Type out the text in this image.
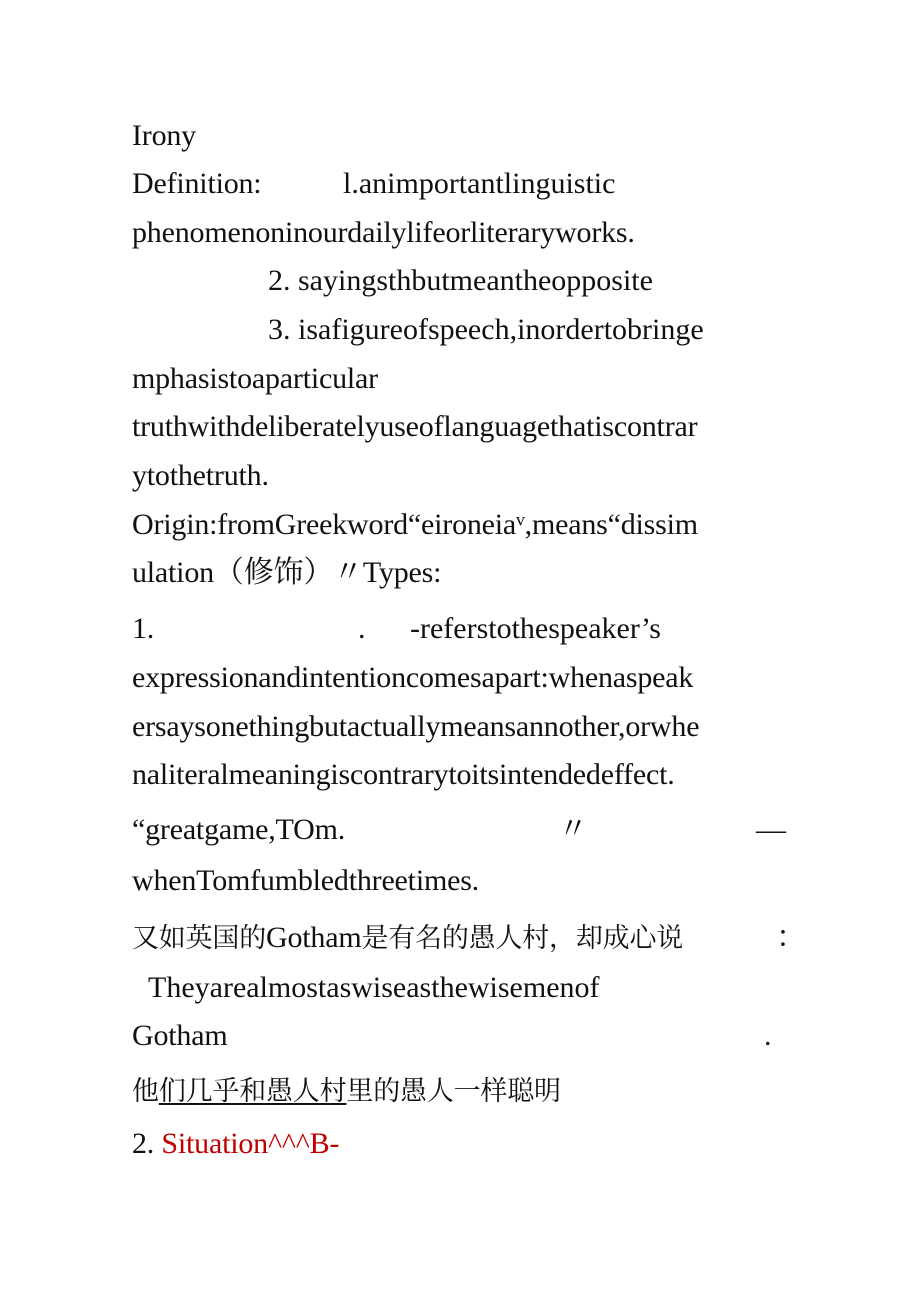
Irony
Definition:	l.animportantlinguistic
phenomenoninourdailylifeorliteraryworks.
2. sayingsthbutmeantheopposite
3. isafigureofspeech,inordertobringe
mphasistoaparticular
truthwithdeliberatelyuseoflanguagethatiscontrar
ytothetruth.
Origin:fromGreekword“eironeiaᵛ,means“dissim
ulation（修饰）〃Types:
1.	. -referstothespeaker’s
expressionandintentioncomesapart:whenaspeak
ersaysonethingbutactuallymeansannother,orwhe
naliteralmeaningiscontrarytoitsintendedeffect.
“greatgame,TOm.	〃	—
whenTomfumbledthreetimes.
又如英国的Gotham是有名的愚人村，却成心说	：
Theyarealmostaswiseasthewisemenof
Gotham	.
他们几乎和愚人村里的愚人一样聪明
2. Situation^^^B-
